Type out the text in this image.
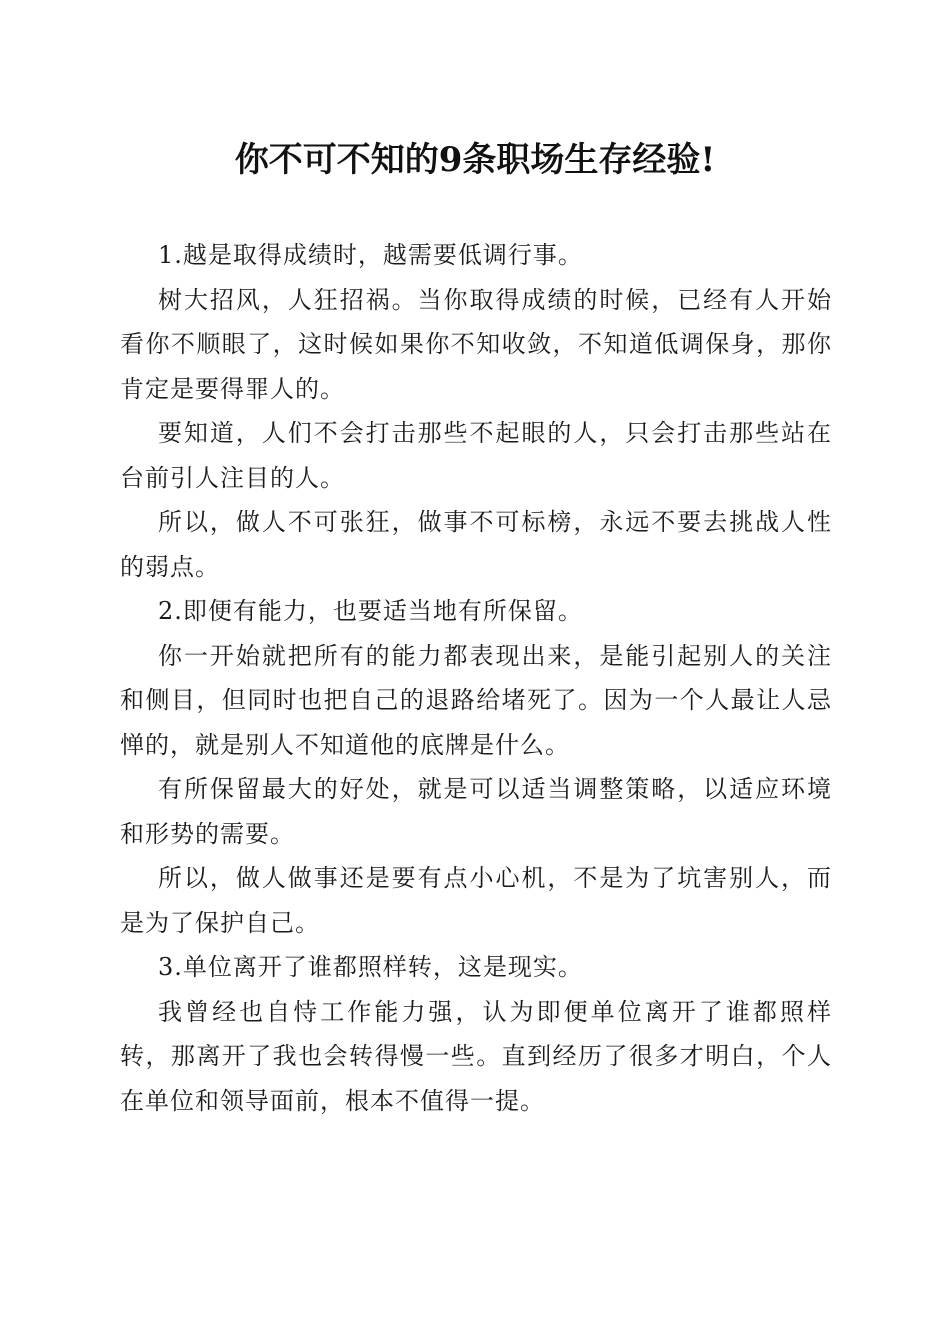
你不可不知的9条职场生存经验!

1.越是取得成绩时，越需要低调行事。

树大招风，人狂招祸。当你取得成绩的时候，已经有人开始看你不顺眼了，这时候如果你不知收敛，不知道低调保身，那你肯定是要得罪人的。

要知道，人们不会打击那些不起眼的人，只会打击那些站在台前引人注目的人。

所以，做人不可张狂，做事不可标榜，永远不要去挑战人性的弱点。

2.即便有能力，也要适当地有所保留。

你一开始就把所有的能力都表现出来，是能引起别人的关注和侧目，但同时也把自己的退路给堵死了。因为一个人最让人忌惮的，就是别人不知道他的底牌是什么。

有所保留最大的好处，就是可以适当调整策略，以适应环境和形势的需要。

所以，做人做事还是要有点小心机，不是为了坑害别人，而是为了保护自己。

3.单位离开了谁都照样转，这是现实。

我曾经也自恃工作能力强，认为即便单位离开了谁都照样转，那离开了我也会转得慢一些。直到经历了很多才明白，个人在单位和领导面前，根本不值得一提。
